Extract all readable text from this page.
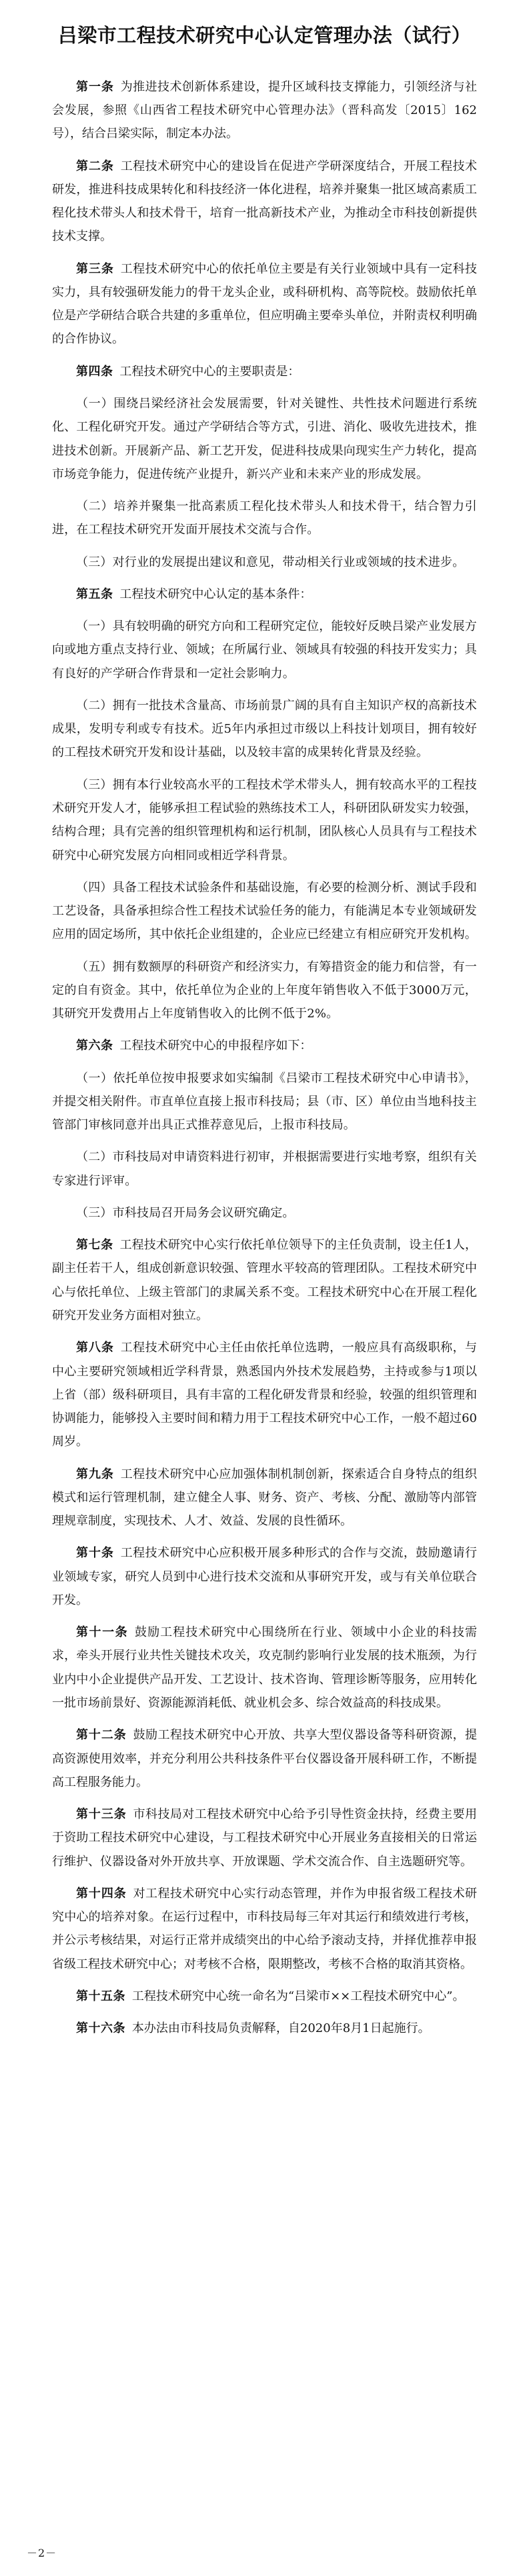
吕梁市工程技术研究中心认定管理办法（试行）

第一条 为推进技术创新体系建设，提升区域科技支撑能力，引领经济与社会发展，参照《山西省工程技术研究中心管理办法》（晋科高发〔2015〕162号），结合吕梁实际，制定本办法。

第二条 工程技术研究中心的建设旨在促进产学研深度结合，开展工程技术研发，推进科技成果转化和科技经济一体化进程，培养并聚集一批区域高素质工程化技术带头人和技术骨干，培育一批高新技术产业，为推动全市科技创新提供技术支撑。

第三条 工程技术研究中心的依托单位主要是有关行业领域中具有一定科技实力，具有较强研发能力的骨干龙头企业，或科研机构、高等院校。鼓励依托单位是产学研结合联合共建的多重单位，但应明确主要牵头单位，并附责权利明确的合作协议。

第四条 工程技术研究中心的主要职责是：

（一）围绕吕梁经济社会发展需要，针对关键性、共性技术问题进行系统化、工程化研究开发。通过产学研结合等方式，引进、消化、吸收先进技术，推进技术创新。开展新产品、新工艺开发，促进科技成果向现实生产力转化，提高市场竞争能力，促进传统产业提升，新兴产业和未来产业的形成发展。

（二）培养并聚集一批高素质工程化技术带头人和技术骨干，结合智力引进，在工程技术研究开发面开展技术交流与合作。

（三）对行业的发展提出建议和意见，带动相关行业或领域的技术进步。

第五条 工程技术研究中心认定的基本条件：

（一）具有较明确的研究方向和工程研究定位，能较好反映吕梁产业发展方向或地方重点支持行业、领域；在所属行业、领域具有较强的科技开发实力；具有良好的产学研合作背景和一定社会影响力。

（二）拥有一批技术含量高、市场前景广阔的具有自主知识产权的高新技术成果，发明专利或专有技术。近5年内承担过市级以上科技计划项目，拥有较好的工程技术研究开发和设计基础，以及较丰富的成果转化背景及经验。

（三）拥有本行业较高水平的工程技术学术带头人，拥有较高水平的工程技术研究开发人才，能够承担工程试验的熟练技术工人，科研团队研发实力较强，结构合理；具有完善的组织管理机构和运行机制，团队核心人员具有与工程技术研究中心研究发展方向相同或相近学科背景。

（四）具备工程技术试验条件和基础设施，有必要的检测分析、测试手段和工艺设备，具备承担综合性工程技术试验任务的能力，有能满足本专业领域研发应用的固定场所，其中依托企业组建的，企业应已经建立有相应研究开发机构。

（五）拥有数额厚的科研资产和经济实力，有筹措资金的能力和信誉，有一定的自有资金。其中，依托单位为企业的上年度年销售收入不低于3000万元，其研究开发费用占上年度销售收入的比例不低于2%。

第六条 工程技术研究中心的申报程序如下：

（一）依托单位按申报要求如实编制《吕梁市工程技术研究中心申请书》，并提交相关附件。市直单位直接上报市科技局；县（市、区）单位由当地科技主管部门审核同意并出具正式推荐意见后，上报市科技局。

（二）市科技局对申请资料进行初审，并根据需要进行实地考察，组织有关专家进行评审。

（三）市科技局召开局务会议研究确定。

第七条 工程技术研究中心实行依托单位领导下的主任负责制，设主任1人，副主任若干人，组成创新意识较强、管理水平较高的管理团队。工程技术研究中心与依托单位、上级主管部门的隶属关系不变。工程技术研究中心在开展工程化研究开发业务方面相对独立。

第八条 工程技术研究中心主任由依托单位选聘，一般应具有高级职称，与中心主要研究领域相近学科背景，熟悉国内外技术发展趋势，主持或参与1项以上省（部）级科研项目，具有丰富的工程化研发背景和经验，较强的组织管理和协调能力，能够投入主要时间和精力用于工程技术研究中心工作，一般不超过60周岁。

第九条 工程技术研究中心应加强体制机制创新，探索适合自身特点的组织模式和运行管理机制，建立健全人事、财务、资产、考核、分配、激励等内部管理规章制度，实现技术、人才、效益、发展的良性循环。

第十条 工程技术研究中心应积极开展多种形式的合作与交流，鼓励邀请行业领域专家，研究人员到中心进行技术交流和从事研究开发，或与有关单位联合开发。

第十一条 鼓励工程技术研究中心围绕所在行业、领域中小企业的科技需求，牵头开展行业共性关键技术攻关，攻克制约影响行业发展的技术瓶颈，为行业内中小企业提供产品开发、工艺设计、技术咨询、管理诊断等服务，应用转化一批市场前景好、资源能源消耗低、就业机会多、综合效益高的科技成果。

第十二条 鼓励工程技术研究中心开放、共享大型仪器设备等科研资源，提高资源使用效率，并充分利用公共科技条件平台仪器设备开展科研工作，不断提高工程服务能力。

第十三条 市科技局对工程技术研究中心给予引导性资金扶持，经费主要用于资助工程技术研究中心建设，与工程技术研究中心开展业务直接相关的日常运行维护、仪器设备对外开放共享、开放课题、学术交流合作、自主选题研究等。

第十四条 对工程技术研究中心实行动态管理，并作为申报省级工程技术研究中心的培养对象。在运行过程中，市科技局每三年对其运行和绩效进行考核，并公示考核结果，对运行正常并成绩突出的中心给予滚动支持，并择优推荐申报省级工程技术研究中心；对考核不合格，限期整改，考核不合格的取消其资格。

第十五条 工程技术研究中心统一命名为“吕梁市××工程技术研究中心”。

第十六条 本办法由市科技局负责解释，自2020年8月1日起施行。

－2－
